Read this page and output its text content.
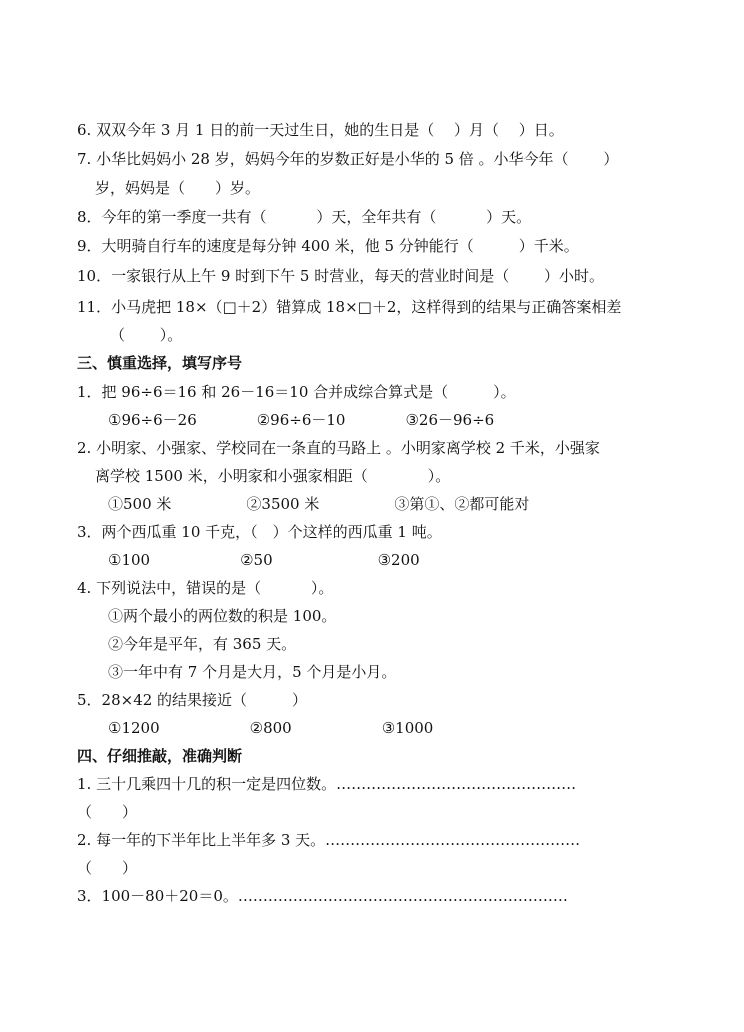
6. 双双今年 3 月 1 日的前一天过生日，她的生日是（　 ）月（　 ）日。
7. 小华比妈妈小 28 岁，妈妈今年的岁数正好是小华的 5 倍 。小华今年（　　 ）
岁，妈妈是（　　）岁。
8．今年的第一季度一共有（　　　 ）天，全年共有（　　　 ）天。
9．大明骑自行车的速度是每分钟 400 米，他 5 分钟能行（　　　）千米。
10．一家银行从上午 9 时到下午 5 时营业，每天的营业时间是（　　 ）小时。
11．小马虎把 18×（□＋2）错算成 18×□＋2，这样得到的结果与正确答案相差
（　　 ）。
三、慎重选择，填写序号
1．把 96÷6＝16 和 26－16＝10 合并成综合算式是（　　　）。
①96÷6－26　　　　②96÷6－10　　　　③26－96÷6
2. 小明家、小强家、学校同在一条直的马路上 。小明家离学校 2 千米，小强家
离学校 1500 米，小明家和小强家相距（　　　　）。
①500 米　　　　　②3500 米　　　　　③第①、②都可能对
3．两个西瓜重 10 千克，（　）个这样的西瓜重 1 吨。
①100　　　　　　②50　　　　　　　③200
4. 下列说法中，错误的是（　　　 ）。
①两个最小的两位数的积是 100。
②今年是平年，有 365 天。
③一年中有 7 个月是大月，5 个月是小月。
5．28×42 的结果接近（　　　）
①1200　　　　　　②800　　　　　　③1000
四、仔细推敲，准确判断
1. 三十几乘四十几的积一定是四位数。…………………………………………
（　　）
2. 每一年的下半年比上半年多 3 天。……………………………………………
（　　）
3．100－80＋20＝0。…………………………………………………………
